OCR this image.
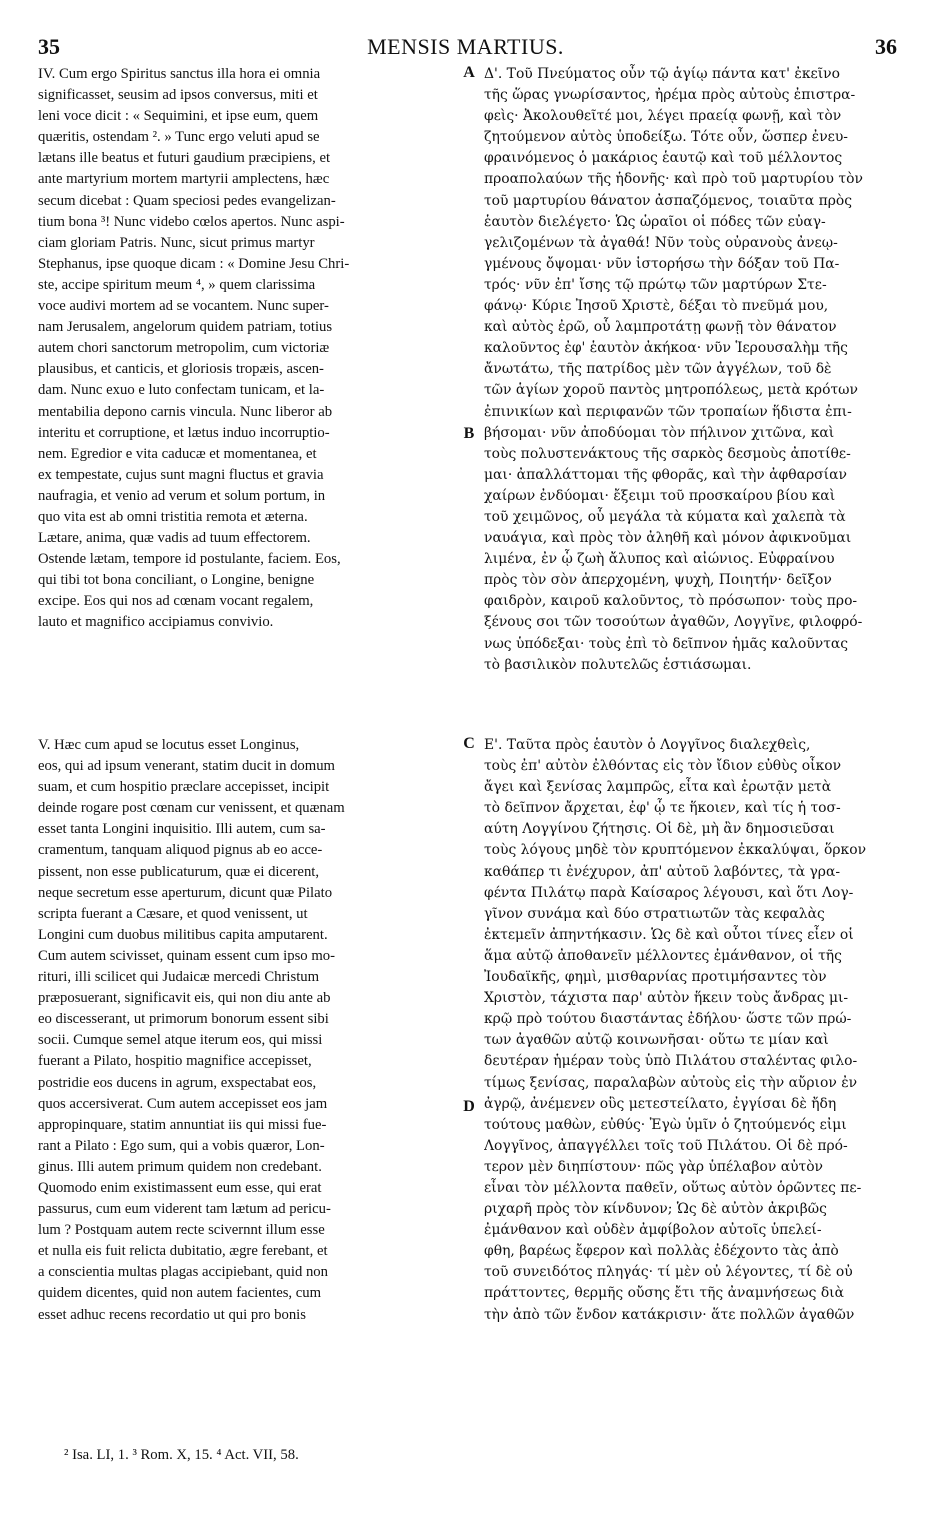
35	MENSIS MARTIUS.	36
IV. Cum ergo Spiritus sanctus illa hora ei omnia
significasset, seusim ad ipsos conversus, miti et
leni voce dicit : « Sequimini, et ipse eum, quem
quæritis, ostendam ². » Tunc ergo veluti apud se
lætans ille beatus et futuri gaudium præcipiens, et
ante martyrium mortem martyrii amplectens, hæc
secum dicebat : Quam speciosi pedes evangelizan-
tium bona ³! Nunc videbo cœlos apertos. Nunc aspi-
ciam gloriam Patris. Nunc, sicut primus martyr
Stephanus, ipse quoque dicam : « Domine Jesu Chri-
ste, accipe spiritum meum ⁴, » quem clarissima
voce audivi mortem ad se vocantem. Nunc super-
nam Jerusalem, angelorum quidem patriam, totius
autem chori sanctorum metropolim, cum victoriæ
plausibus, et canticis, et gloriosis tropæis, ascen-
dam. Nunc exuo e luto confectam tunicam, et la-
mentabilia depono carnis vincula. Nunc liberor ab
interitu et corruptione, et lætus induo incorruptio-
nem. Egredior e vita caducæ et momentanea, et
ex tempestate, cujus sunt magni fluctus et gravia
naufragia, et venio ad verum et solum portum, in
quo vita est ab omni tristitia remota et æterna.
Lætare, anima, quæ vadis ad tuum effectorem.
Ostende lætam, tempore id postulante, faciem. Eos,
qui tibi tot bona conciliant, o Longine, benigne
excipe. Eos qui nos ad cœnam vocant regalem,
lauto et magnifico accipiamus convivio.
V. Hæc cum apud se locutus esset Longinus,
eos, qui ad ipsum venerant, statim ducit in domum
suam, et cum hospitio præclare accepisset, incipit
deinde rogare post cœnam cur venissent, et quænam
esset tanta Longini inquisitio. Illi autem, cum sa-
cramentum, tanquam aliquod pignus ab eo acce-
pissent, non esse publicaturum, quæ ei dicerent,
neque secretum esse aperturum, dicunt quæ Pilato
scripta fuerant a Cæsare, et quod venissent, ut
Longini cum duobus militibus capita amputarent.
Cum autem scivisset, quinam essent cum ipso mo-
rituri, illi scilicet qui Judaicæ mercedi Christum
præposuerant, significavit eis, qui non diu ante ab
eo discesserant, ut primorum bonorum essent sibi
socii. Cumque semel atque iterum eos, qui missi
fuerant a Pilato, hospitio magnifice accepisset,
postridie eos ducens in agrum, exspectabat eos,
quos accersiverat. Cum autem accepisset eos jam
appropinquare, statim annuntiat iis qui missi fue-
rant a Pilato : Ego sum, qui a vobis quæror, Lon-
ginus. Illi autem primum quidem non credebant.
Quomodo enim existimassent eum esse, qui erat
passurus, cum eum viderent tam lætum ad pericu-
lum ? Postquam autem recte scivernnt illum esse
et nulla eis fuit relicta dubitatio, ægre ferebant, et
a conscientia multas plagas accipiebant, quid non
quidem dicentes, quid non autem facientes, cum
esset adhuc recens recordatio ut qui pro bonis
Δ'. Τοῦ Πνεύματος οὖν τῷ ἁγίῳ πάντα κατ' ἐκεῖνο
τῆς ὥρας γνωρίσαντος, ἠρέμα πρὸς αὐτοὺς ἐπιστρα-
φεὶς· Ἀκολουθεῖτέ μοι, λέγει πραείᾳ φωνῇ, καὶ τὸν
ζητούμενον αὐτὸς ὑποδείξω. Τότε οὖν, ὥσπερ ἐνευ-
φραινόμενος ὁ μακάριος ἑαυτῷ καὶ τοῦ μέλλοντος
προαπολαύων τῆς ἡδονῆς· καὶ πρὸ τοῦ μαρτυρίου τὸν
τοῦ μαρτυρίου θάνατον ἀσπαζόμενος, τοιαῦτα πρὸς
ἑαυτὸν διελέγετο· Ὡς ὡραῖοι οἱ πόδες τῶν εὐαγ-
γελιζομένων τὰ ἀγαθά! Νῦν τοὺς οὐρανοὺς ἀνεῳ-
γμένους ὄψομαι· νῦν ἱστορήσω τὴν δόξαν τοῦ Πα-
τρός· νῦν ἐπ' ἴσης τῷ πρώτῳ τῶν μαρτύρων Στε-
φάνῳ· Κύριε Ἰησοῦ Χριστὲ, δέξαι τὸ πνεῦμά μου,
καὶ αὐτὸς ἐρῶ, οὗ λαμπροτάτῃ φωνῇ τὸν θάνατον
καλοῦντος ἐφ' ἑαυτὸν ἀκήκοα· νῦν Ἱερουσαλὴμ τῆς
ἄνωτάτω, τῆς πατρίδος μὲν τῶν ἀγγέλων, τοῦ δὲ
τῶν ἁγίων χοροῦ παντὸς μητροπόλεως, μετὰ κρότων
ἐπινικίων καὶ περιφανῶν τῶν τροπαίων ἥδιστα ἐπι-
βήσομαι· νῦν ἀποδύομαι τὸν πήλινον χιτῶνα, καὶ
τοὺς πολυστενάκτους τῆς σαρκὸς δεσμοὺς ἀποτίθε-
μαι· ἀπαλλάττομαι τῆς φθορᾶς, καὶ τὴν ἀφθαρσίαν
χαίρων ἐνδύομαι· ἔξειμι τοῦ προσκαίρου βίου καὶ
τοῦ χειμῶνος, οὗ μεγάλα τὰ κύματα καὶ χαλεπὰ τὰ
ναυάγια, καὶ πρὸς τὸν ἀληθῆ καὶ μόνον ἀφικνοῦμαι
λιμένα, ἐν ᾧ ζωὴ ἄλυπος καὶ αἰώνιος. Εὐφραίνου
πρὸς τὸν σὸν ἀπερχομένη, ψυχὴ, Ποιητήν· δεῖξον
φαιδρὸν, καιροῦ καλοῦντος, τὸ πρόσωπον· τοὺς προ-
ξένους σοι τῶν τοσούτων ἀγαθῶν, Λογγῖνε, φιλοφρό-
νως ὑπόδεξαι· τοὺς ἐπὶ τὸ δεῖπνον ἡμᾶς καλοῦντας
τὸ βασιλικὸν πολυτελῶς ἑστιάσωμαι.
Ε'. Ταῦτα πρὸς ἑαυτὸν ὁ Λογγῖνος διαλεχθεὶς,
τοὺς ἐπ' αὐτὸν ἐλθόντας εἰς τὸν ἴδιον εὐθὺς οἶκον
ἄγει καὶ ξενίσας λαμπρῶς, εἶτα καὶ ἐρωτᾷν μετὰ
τὸ δεῖπνον ἄρχεται, ἐφ' ᾧ τε ἥκοιεν, καὶ τίς ἡ τοσ-
αύτη Λογγίνου ζήτησις. Οἱ δὲ, μὴ ἂν δημοσιεῦσαι
τοὺς λόγους μηδὲ τὸν κρυπτόμενον ἐκκαλύψαι, ὅρκον
καθάπερ τι ἐνέχυρον, ἀπ' αὐτοῦ λαβόντες, τὰ γρα-
φέντα Πιλάτῳ παρὰ Καίσαρος λέγουσι, καὶ ὅτι Λογ-
γῖνον συνάμα καὶ δύο στρατιωτῶν τὰς κεφαλὰς
ἐκτεμεῖν ἀπηντήκασιν. Ὡς δὲ καὶ οὗτοι τίνες εἶεν οἱ
ἅμα αὐτῷ ἀποθανεῖν μέλλοντες ἐμάνθανον, οἱ τῆς
Ἰουδαϊκῆς, φημὶ, μισθαρνίας προτιμήσαντες τὸν
Χριστὸν, τάχιστα παρ' αὐτὸν ἥκειν τοὺς ἄνδρας μι-
κρῷ πρὸ τούτου διαστάντας ἐδήλου· ὥστε τῶν πρώ-
των ἀγαθῶν αὐτῷ κοινωνῆσαι· οὕτω τε μίαν καὶ
δευτέραν ἡμέραν τοὺς ὑπὸ Πιλάτου σταλέντας φιλο-
τίμως ξενίσας, παραλαβὼν αὐτοὺς εἰς τὴν αὔριον ἐν
ἀγρῷ, ἀνέμενεν οὓς μετεστείλατο, ἐγγίσαι δὲ ἤδη
τούτους μαθὼν, εὐθύς· Ἐγὼ ὑμῖν ὁ ζητούμενός εἰμι
Λογγῖνος, ἀπαγγέλλει τοῖς τοῦ Πιλάτου. Οἱ δὲ πρό-
τερον μὲν διηπίστουν· πῶς γὰρ ὑπέλαβον αὐτὸν
εἶναι τὸν μέλλοντα παθεῖν, οὕτως αὐτὸν ὁρῶντες πε-
ριχαρῆ πρὸς τὸν κίνδυνον; Ὡς δὲ αὐτὸν ἀκριβῶς
ἐμάνθανον καὶ οὐδὲν ἀμφίβολον αὐτοῖς ὑπελεί-
φθη, βαρέως ἔφερον καὶ πολλὰς ἐδέχοντο τὰς ἀπὸ
τοῦ συνειδότος πληγάς· τί μὲν οὐ λέγοντες, τί δὲ οὐ
πράττοντες, θερμῆς οὔσης ἔτι τῆς ἀναμνήσεως διὰ
τὴν ἀπὸ τῶν ἔνδον κατάκρισιν· ἅτε πολλῶν ἀγαθῶν
A
B
C
D
² Isa. LI, 1. ³ Rom. X, 15. ⁴ Act. VII, 58.
